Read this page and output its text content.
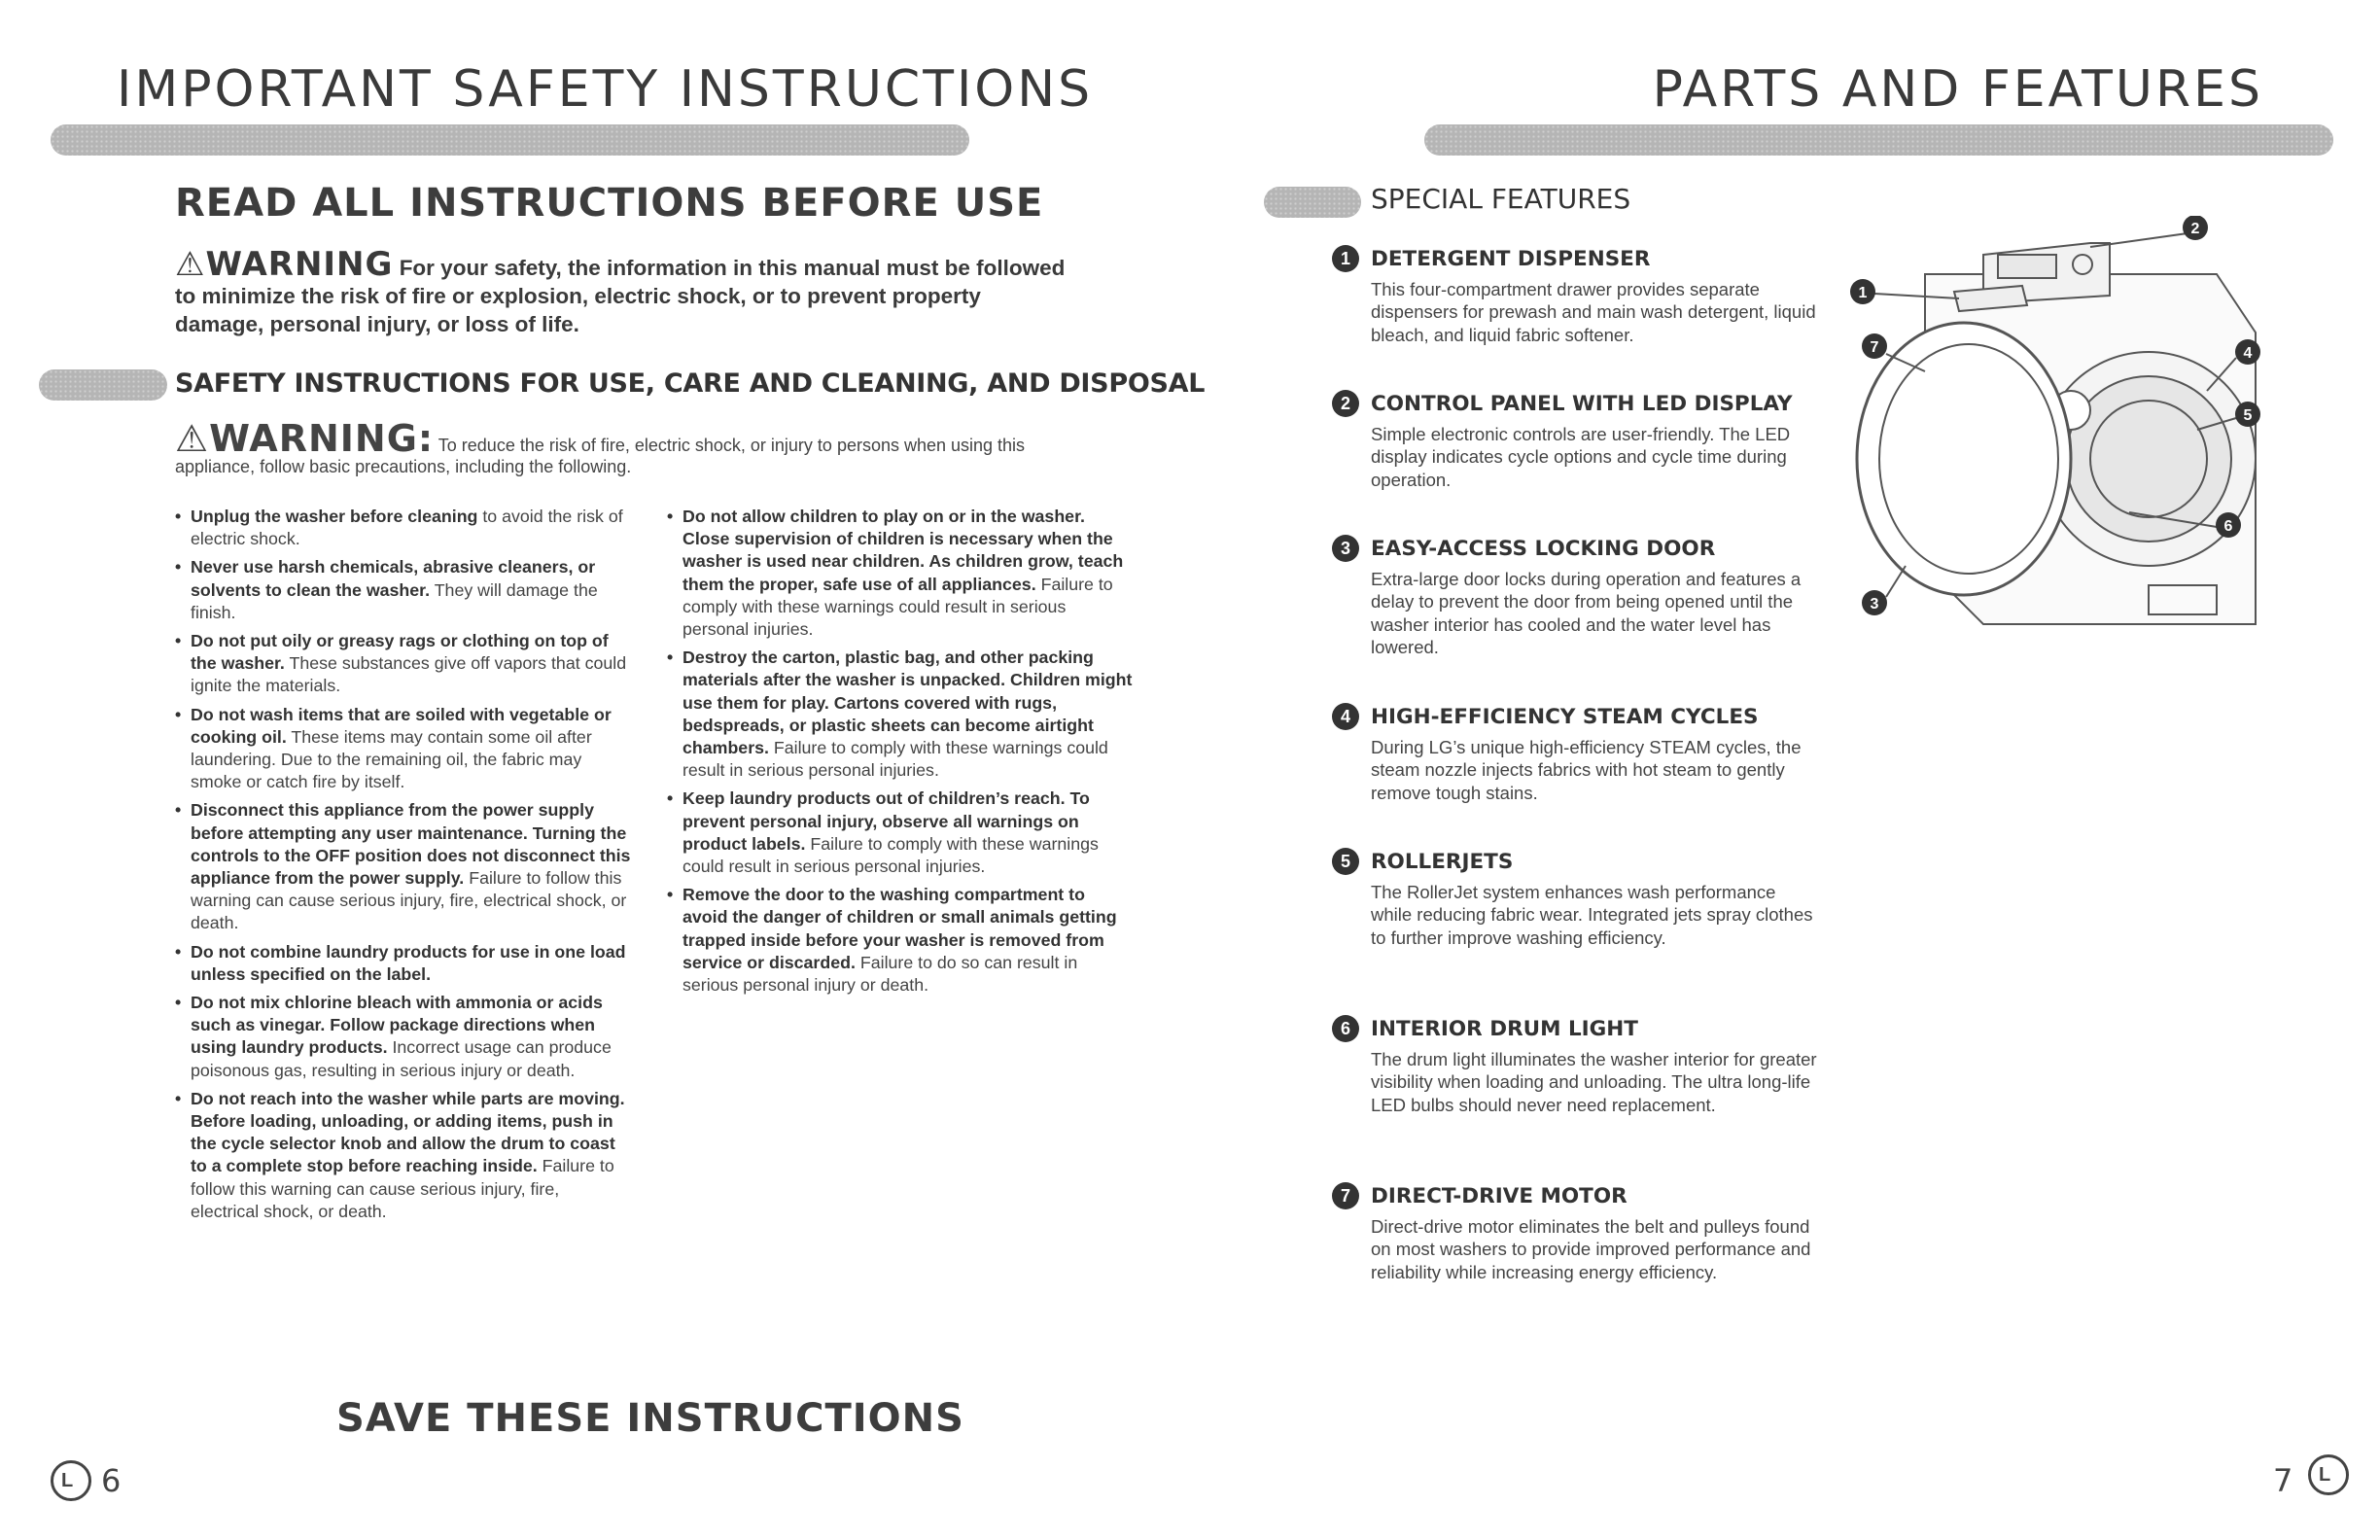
IMPORTANT SAFETY INSTRUCTIONS
READ ALL INSTRUCTIONS BEFORE USE
⚠WARNING For your safety, the information in this manual must be followed to minimize the risk of fire or explosion, electric shock, or to prevent property damage, personal injury, or loss of life.
SAFETY INSTRUCTIONS FOR USE, CARE AND CLEANING, AND DISPOSAL
⚠WARNING: To reduce the risk of fire, electric shock, or injury to persons when using this appliance, follow basic precautions, including the following.
• Unplug the washer before cleaning to avoid the risk of electric shock.
• Never use harsh chemicals, abrasive cleaners, or solvents to clean the washer. They will damage the finish.
• Do not put oily or greasy rags or clothing on top of the washer. These substances give off vapors that could ignite the materials.
• Do not wash items that are soiled with vegetable or cooking oil. These items may contain some oil after laundering. Due to the remaining oil, the fabric may smoke or catch fire by itself.
• Disconnect this appliance from the power supply before attempting any user maintenance. Turning the controls to the OFF position does not disconnect this appliance from the power supply. Failure to follow this warning can cause serious injury, fire, electrical shock, or death.
• Do not combine laundry products for use in one load unless specified on the label.
• Do not mix chlorine bleach with ammonia or acids such as vinegar. Follow package directions when using laundry products. Incorrect usage can produce poisonous gas, resulting in serious injury or death.
• Do not reach into the washer while parts are moving. Before loading, unloading, or adding items, push in the cycle selector knob and allow the drum to coast to a complete stop before reaching inside. Failure to follow this warning can cause serious injury, fire, electrical shock, or death.
• Do not allow children to play on or in the washer. Close supervision of children is necessary when the washer is used near children. As children grow, teach them the proper, safe use of all appliances. Failure to comply with these warnings could result in serious personal injuries.
• Destroy the carton, plastic bag, and other packing materials after the washer is unpacked. Children might use them for play. Cartons covered with rugs, bedspreads, or plastic sheets can become airtight chambers. Failure to comply with these warnings could result in serious personal injuries.
• Keep laundry products out of children’s reach. To prevent personal injury, observe all warnings on product labels. Failure to comply with these warnings could result in serious personal injuries.
• Remove the door to the washing compartment to avoid the danger of children or small animals getting trapped inside before your washer is removed from service or discarded. Failure to do so can result in serious personal injury or death.
SAVE THESE INSTRUCTIONS
L 6
PARTS AND FEATURES
SPECIAL FEATURES
1 DETERGENT DISPENSER
This four-compartment drawer provides separate dispensers for prewash and main wash detergent, liquid bleach, and liquid fabric softener.
2 CONTROL PANEL WITH LED DISPLAY
Simple electronic controls are user-friendly. The LED display indicates cycle options and cycle time during operation.
3 EASY-ACCESS LOCKING DOOR
Extra-large door locks during operation and features a delay to prevent the door from being opened until the washer interior has cooled and the water level has lowered.
4 HIGH-EFFICIENCY STEAM CYCLES
During LG’s unique high-efficiency STEAM cycles, the steam nozzle injects fabrics with hot steam to gently remove tough stains.
5 ROLLERJETS
The RollerJet system enhances wash performance while reducing fabric wear. Integrated jets spray clothes to further improve washing efficiency.
6 INTERIOR DRUM LIGHT
The drum light illuminates the washer interior for greater visibility when loading and unloading. The ultra long-life LED bulbs should never need replacement.
7 DIRECT-DRIVE MOTOR
Direct-drive motor eliminates the belt and pulleys found on most washers to provide improved performance and reliability while increasing energy efficiency.
2
1
7	4
5
6
3
7 L
